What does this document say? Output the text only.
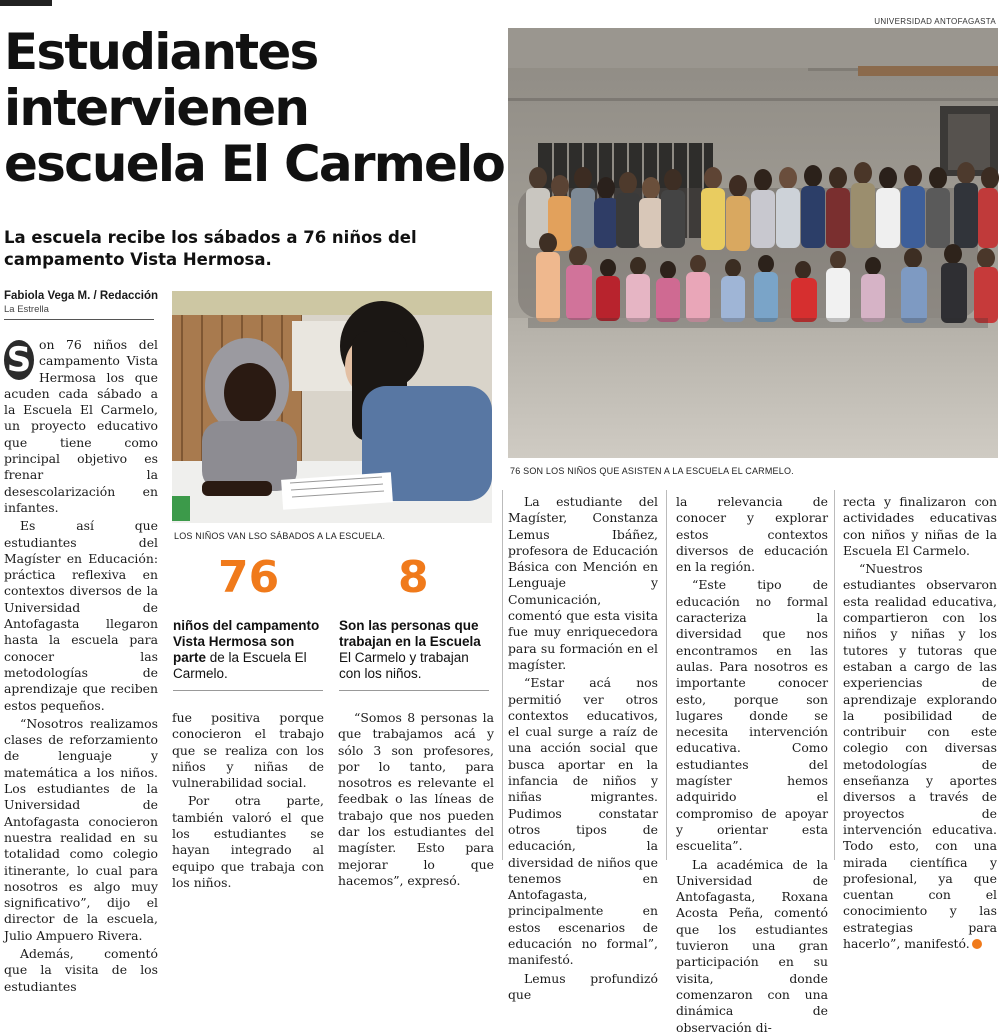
UNIVERSIDAD ANTOFAGASTA
Estudiantes
intervienen
escuela El Carmelo
La escuela recibe los sábados a 76 niños del campamento Vista Hermosa.
Fabiola Vega M. / Redacción
La Estrella
76 SON LOS NIÑOS QUE ASISTEN A LA ESCUELA EL CARMELO.
LOS NIÑOS VAN LSO SÁBADOS A LA ESCUELA.
76
niños del campamento Vista Hermosa son parte de la Escuela El Carmelo.
8
Son las personas que trabajan en la Escuela El Carmelo y trabajan con los niños.

S on 76 niños del campamento Vista Hermosa los que acuden cada sábado a la Escuela El Carmelo, un proyecto educativo que tiene como principal objetivo es frenar la desescolarización en infantes.

Es así que estudiantes del Magíster en Educación: práctica reflexiva en contextos diversos de la Universidad de Antofagasta llegaron hasta la escuela para conocer las metodologías de aprendizaje que reciben estos pequeños.

“Nosotros realizamos clases de reforzamiento de lenguaje y matemática a los niños. Los estudiantes de la Universidad de Antofagasta conocieron nuestra realidad en su totalidad como colegio itinerante, lo cual para nosotros es algo muy significativo”, dijo el director de la escuela, Julio Ampuero Rivera.

Además, comentó que la visita de los estudiantes

fue positiva porque conocieron el trabajo que se realiza con los niños y niñas de vulnerabilidad social.

Por otra parte, también valoró el que los estudiantes se hayan integrado al equipo que trabaja con los niños.

“Somos 8 personas la que trabajamos acá y sólo 3 son profesores, por lo tanto, para nosotros es relevante el feedbak o las líneas de trabajo que nos pueden dar los estudiantes del magíster. Esto para mejorar lo que hacemos”, expresó.

La estudiante del Magíster, Constanza Lemus Ibáñez, profesora de Educación Básica con Mención en Lenguaje y Comunicación, comentó que esta visita fue muy enriquecedora para su formación en el magíster.

“Estar acá nos permitió ver otros contextos educativos, el cual surge a raíz de una acción social que busca aportar en la infancia de niños y niñas migrantes. Pudimos constatar otros tipos de educación, la diversidad de niños que tenemos en Antofagasta, principalmente en estos escenarios de educación no formal”, manifestó.

Lemus profundizó que

la relevancia de conocer y explorar estos contextos diversos de educación en la región.

“Este tipo de educación no formal caracteriza la diversidad que nos encontramos en las aulas. Para nosotros es importante conocer esto, porque son lugares donde se necesita intervención educativa. Como estudiantes del magíster hemos adquirido el compromiso de apoyar y orientar esta escuelita”.

La académica de la Universidad de Antofagasta, Roxana Acosta Peña, comentó que los estudiantes tuvieron una gran participación en su visita, donde comenzaron con una dinámica de observación di-

recta y finalizaron con actividades educativas con niños y niñas de la Escuela El Carmelo.

“Nuestros estudiantes observaron esta realidad educativa, compartieron con los niños y niñas y los tutores y tutoras que estaban a cargo de las experiencias de aprendizaje explorando la posibilidad de contribuir con este colegio con diversas metodologías de enseñanza y aportes diversos a través de proyectos de intervención educativa. Todo esto, con una mirada científica y profesional, ya que cuentan con el conocimiento y las estrategias para hacerlo”, manifestó.
